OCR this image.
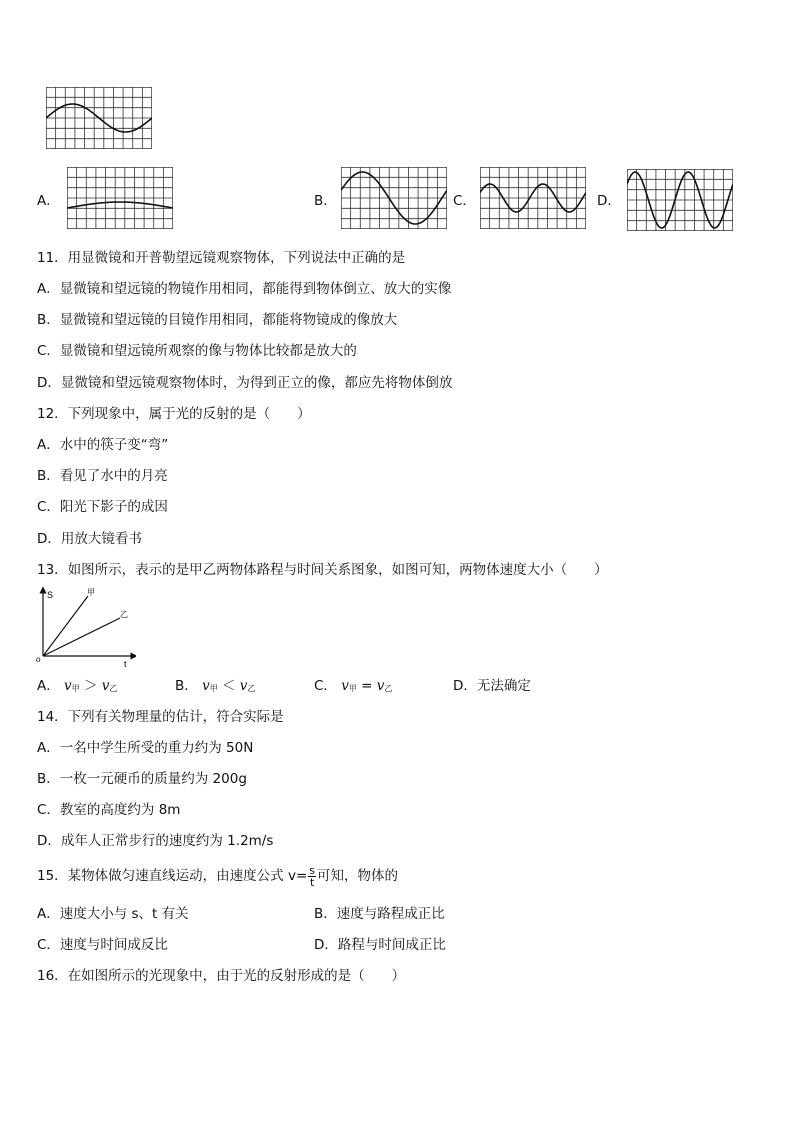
A．	B．	C．	D．
11．用显微镜和开普勒望远镜观察物体，下列说法中正确的是
A．显微镜和望远镜的物镜作用相同，都能得到物体倒立、放大的实像
B．显微镜和望远镜的目镜作用相同，都能将物镜成的像放大
C．显微镜和望远镜所观察的像与物体比较都是放大的
D．显微镜和望远镜观察物体时，为得到正立的像，都应先将物体倒放
12．下列现象中，属于光的反射的是（　　）
A．水中的筷子变“弯”
B．看见了水中的月亮
C．阳光下影子的成因
D．用放大镜看书
13．如图所示，表示的是甲乙两物体路程与时间关系图象，如图可知，两物体速度大小（　　）
S
t
o
甲
乙
A． v甲 ＞ v乙	B． v甲 ＜ v乙	C． v甲 = v乙	D．无法确定
14．下列有关物理量的估计，符合实际是
A．一名中学生所受的重力约为 50N
B．一枚一元硬币的质量约为 200g
C．教室的高度约为 8m
D．成年人正常步行的速度约为 1.2m/s
15．某物体做匀速直线运动，由速度公式 $v= \frac{s}{t}$ 可知，物体的
A．速度大小与 s、t 有关	B．速度与路程成正比
C．速度与时间成反比	D．路程与时间成正比
16．在如图所示的光现象中，由于光的反射形成的是（　　）
